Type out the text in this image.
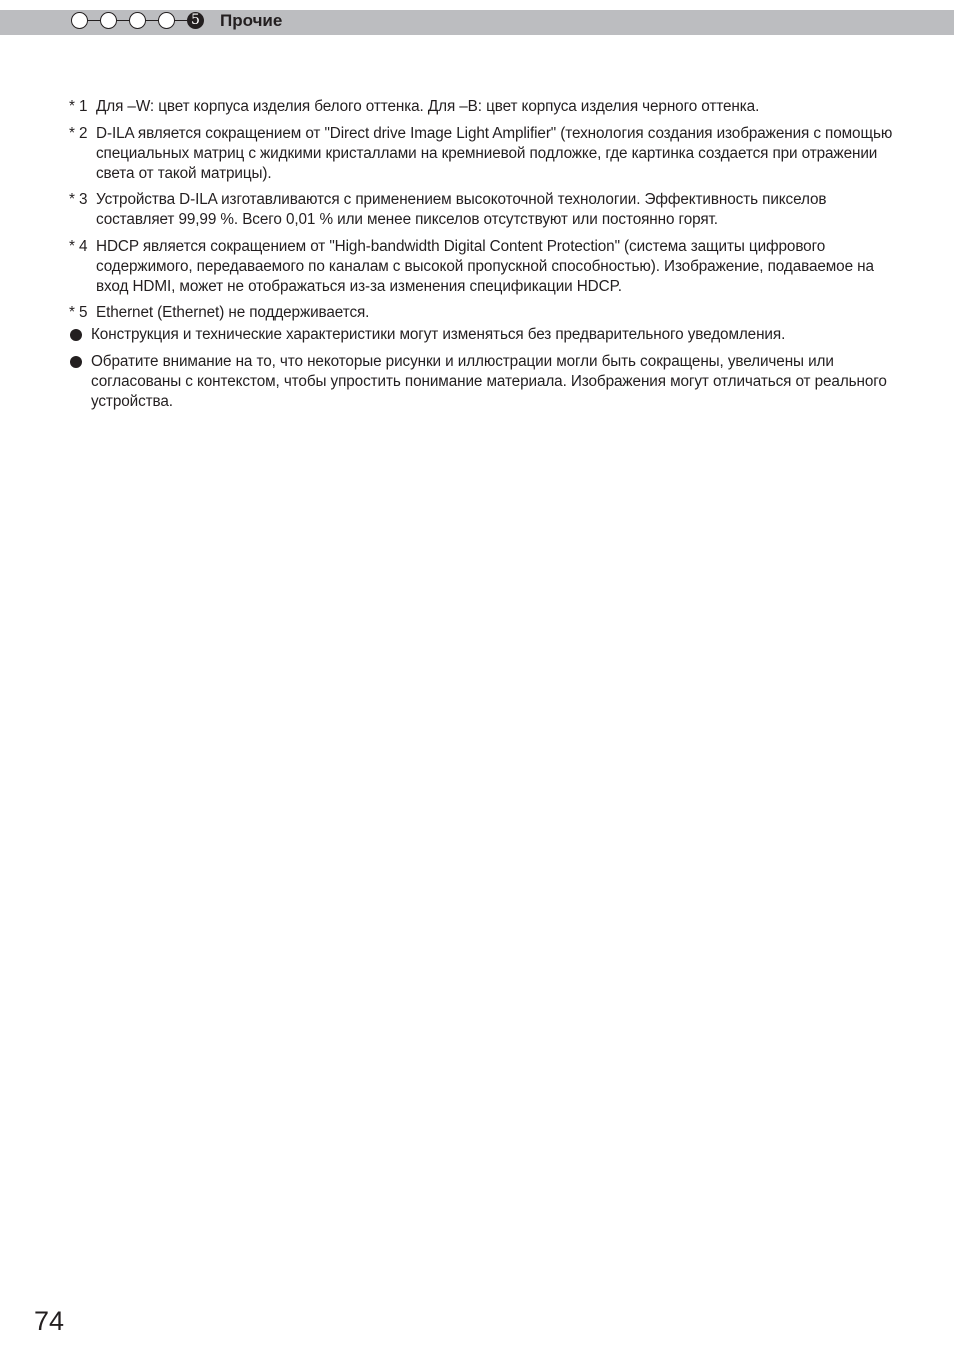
5 Прочие
* 1 Для –W: цвет корпуса изделия белого оттенка. Для –B: цвет корпуса изделия черного оттенка.
* 2 D-ILA является сокращением от "Direct drive Image Light Amplifier" (технология создания изображения с помощью специальных матриц с жидкими кристаллами на кремниевой подложке, где картинка создается при отражении света от такой матрицы).
* 3 Устройства D-ILA изготавливаются с применением высокоточной технологии. Эффективность пикселов составляет 99,99 %. Всего 0,01 % или менее пикселов отсутствуют или постоянно горят.
* 4 HDCP является сокращением от "High-bandwidth Digital Content Protection" (система защиты цифрового содержимого, передаваемого по каналам с высокой пропускной способностью). Изображение, подаваемое на вход HDMI, может не отображаться из-за изменения спецификации HDCP.
* 5 Ethernet (Ethernet) не поддерживается.
Конструкция и технические характеристики могут изменяться без предварительного уведомления.
Обратите внимание на то, что некоторые рисунки и иллюстрации могли быть сокращены, увеличены или согласованы с контекстом, чтобы упростить понимание материала. Изображения могут отличаться от реального устройства.
74
